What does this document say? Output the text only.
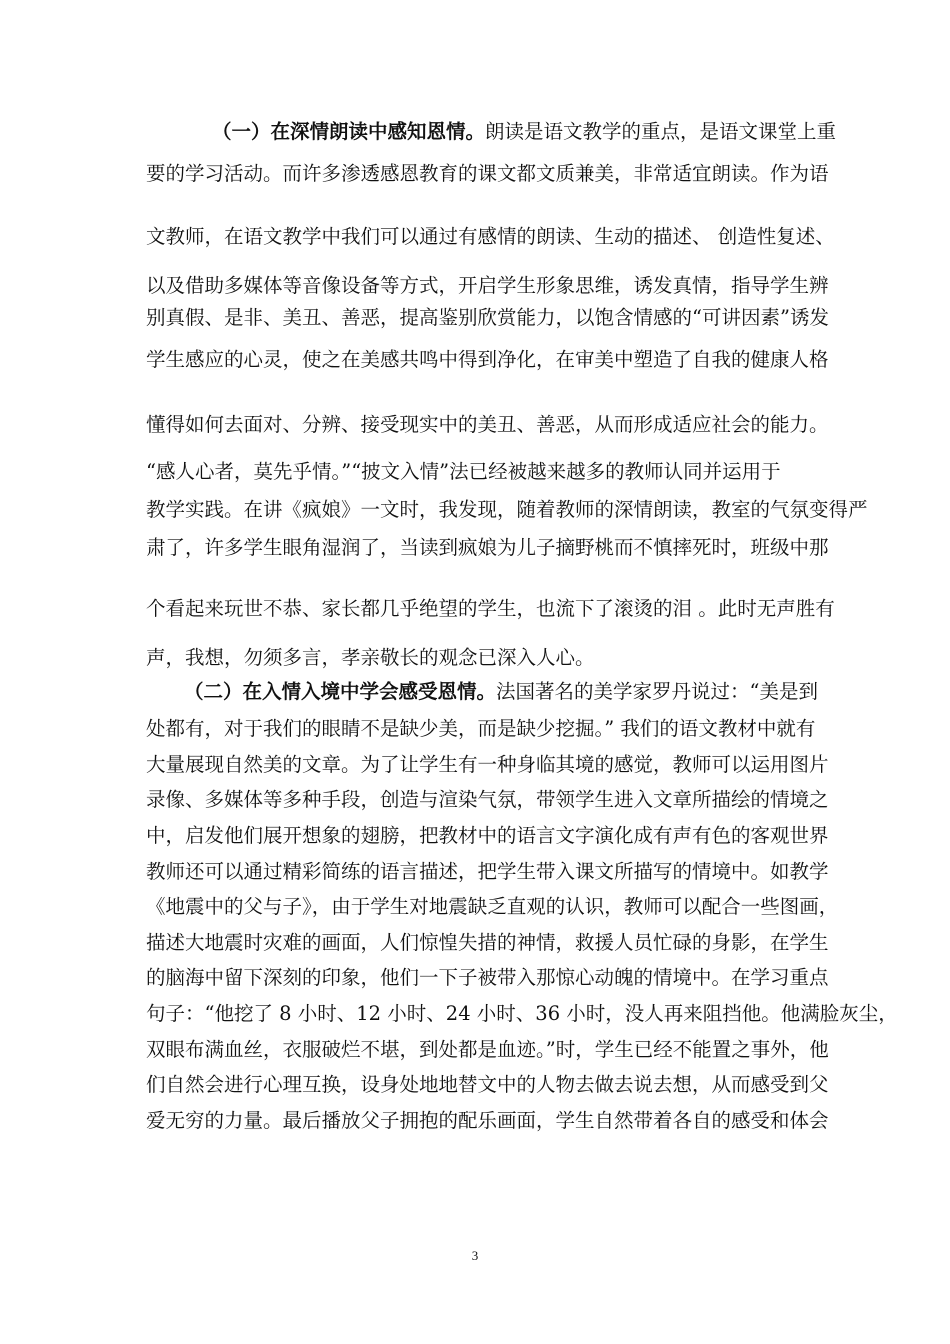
（一）在深情朗读中感知恩情。朗读是语文教学的重点，是语文课堂上重
要的学习活动。而许多渗透感恩教育的课文都文质兼美，非常适宜朗读。作为语
文教师，在语文教学中我们可以通过有感情的朗读、生动的描述、 创造性复述、
以及借助多媒体等音像设备等方式，开启学生形象思维，诱发真情，指导学生辨
别真假、是非、美丑、善恶，提高鉴别欣赏能力，以饱含情感的“可讲因素”诱发
学生感应的心灵，使之在美感共鸣中得到净化，在审美中塑造了自我的健康人格
懂得如何去面对、分辨、接受现实中的美丑、善恶，从而形成适应社会的能力。
“感人心者，莫先乎情。”“披文入情”法已经被越来越多的教师认同并运用于
教学实践。在讲《疯娘》一文时，我发现，随着教师的深情朗读，教室的气氛变得严
肃了，许多学生眼角湿润了，当读到疯娘为儿子摘野桃而不慎摔死时，班级中那
个看起来玩世不恭、家长都几乎绝望的学生，也流下了滚烫的泪 。此时无声胜有
声，我想，勿须多言，孝亲敬长的观念已深入人心。
（二）在入情入境中学会感受恩情。法国著名的美学家罗丹说过：“美是到
处都有，对于我们的眼睛不是缺少美，而是缺少挖掘。” 我们的语文教材中就有
大量展现自然美的文章。为了让学生有一种身临其境的感觉，教师可以运用图片
录像、多媒体等多种手段，创造与渲染气氛，带领学生进入文章所描绘的情境之
中，启发他们展开想象的翅膀，把教材中的语言文字演化成有声有色的客观世界
教师还可以通过精彩简练的语言描述，把学生带入课文所描写的情境中。如教学
《地震中的父与子》，由于学生对地震缺乏直观的认识，教师可以配合一些图画，
描述大地震时灾难的画面，人们惊惶失措的神情，救援人员忙碌的身影，在学生
的脑海中留下深刻的印象，他们一下子被带入那惊心动魄的情境中。在学习重点
句子：“他挖了 8 小时、12 小时、24 小时、36 小时，没人再来阻挡他。他满脸灰尘，
双眼布满血丝，衣服破烂不堪，到处都是血迹。”时，学生已经不能置之事外，他
们自然会进行心理互换，设身处地地替文中的人物去做去说去想，从而感受到父
爱无穷的力量。最后播放父子拥抱的配乐画面，学生自然带着各自的感受和体会
3
